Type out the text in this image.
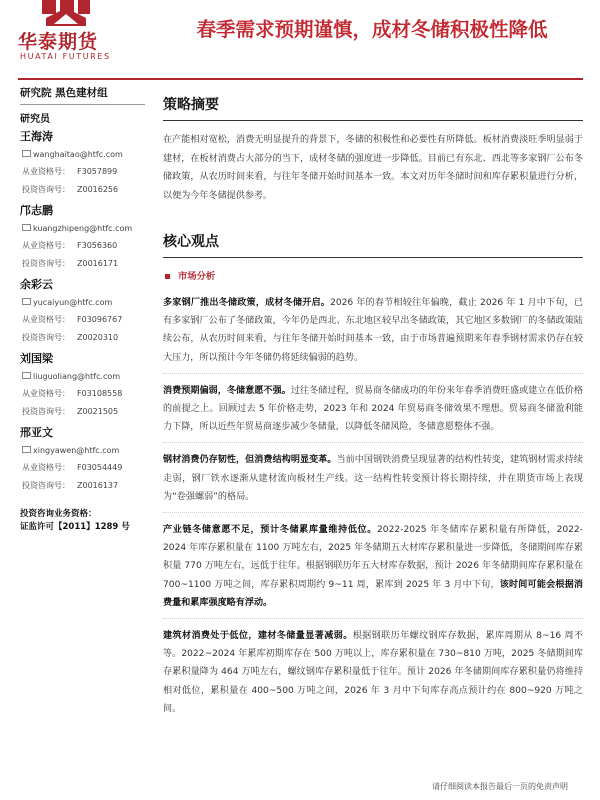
华泰期货
HUATAI FUTURES
春季需求预期谨慎，成材冬储积极性降低
研究院 黑色建材组
研究员
王海涛
wanghaitao@htfc.com
从业资格号： F3057899
投资咨询号： Z0016256
邝志鹏
kuangzhipeng@htfc.com
从业资格号： F3056360
投资咨询号： Z0016171
余彩云
yucaiyun@htfc.com
从业资格号： F03096767
投资咨询号： Z0020310
刘国梁
liuguoliang@htfc.com
从业资格号： F03108558
投资咨询号： Z0021505
邢亚文
xingyawen@htfc.com
从业资格号： F03054449
投资咨询号： Z0016137
投资咨询业务资格：
证监许可【2011】1289 号
策略摘要
在产能相对宽松，消费无明显提升的背景下，冬储的积极性和必要性有所降低。板材消费淡旺季明显弱于建材，在板材消费占大部分的当下，成材冬储的强度进一步降低。目前已有东北、西北等多家钢厂公布冬储政策，从农历时间来看，与往年冬储开始时间基本一致。本文对历年冬储时间和库存累积量进行分析，以便为今年冬储提供参考。
核心观点
市场分析
多家钢厂推出冬储政策，成材冬储开启。2026 年的春节相较往年偏晚，截止 2026 年 1 月中下旬，已有多家钢厂公布了冬储政策，今年仍是西北、东北地区较早出冬储政策，其它地区多数钢厂的冬储政策陆续公布，从农历时间来看，与往年冬储开始时间基本一致，由于市场普遍预期来年春季钢材需求仍存在较大压力，所以预计今年冬储仍将延续偏弱的趋势。
消费预期偏弱，冬储意愿不强。过往冬储过程，贸易商冬储成功的年份来年春季消费旺盛或建立在低价格的前提之上。回顾过去 5 年价格走势，2023 年和 2024 年贸易商冬储效果不理想。贸易商冬储盈利能力下降，所以近些年贸易商逐步减少冬储量，以降低冬储风险，冬储意愿整体不强。
钢材消费仍存韧性，但消费结构明显变革。当前中国钢铁消费呈现显著的结构性转变，建筑钢材需求持续走弱，钢厂铁水逐渐从建材流向板材生产线。这一结构性转变预计将长期持续，并在期货市场上表现为“卷强螺弱”的格局。
产业链冬储意愿不足，预计冬储累库量维持低位。2022-2025 年冬储库存累积量有所降低，2022-2024 年库存累积量在 1100 万吨左右，2025 年冬储期五大材库存累积量进一步降低，冬储期间库存累积量 770 万吨左右，远低于往年。根据钢联历年五大材库存数据，预计 2026 年冬储期间库存累积量在 700~1100 万吨之间，库存累积周期约 9~11 周，累库到 2025 年 3 月中下旬，该时间可能会根据消费量和累库强度略有浮动。
建筑材消费处于低位，建材冬储量显著减弱。根据钢联历年螺纹钢库存数据，累库周期从 8~16 周不等。2022~2024 年累库初期库存在 500 万吨以上，库存累积量在 730~810 万吨，2025 冬储期间库存累积量降为 464 万吨左右，螺纹钢库存累积量低于往年。预计 2026 年冬储期间库存累积量仍将维持相对低位，累积量在 400~500 万吨之间，2026 年 3 月中下旬库存高点预计约在 800~920 万吨之间。
请仔细阅读本报告最后一页的免责声明
